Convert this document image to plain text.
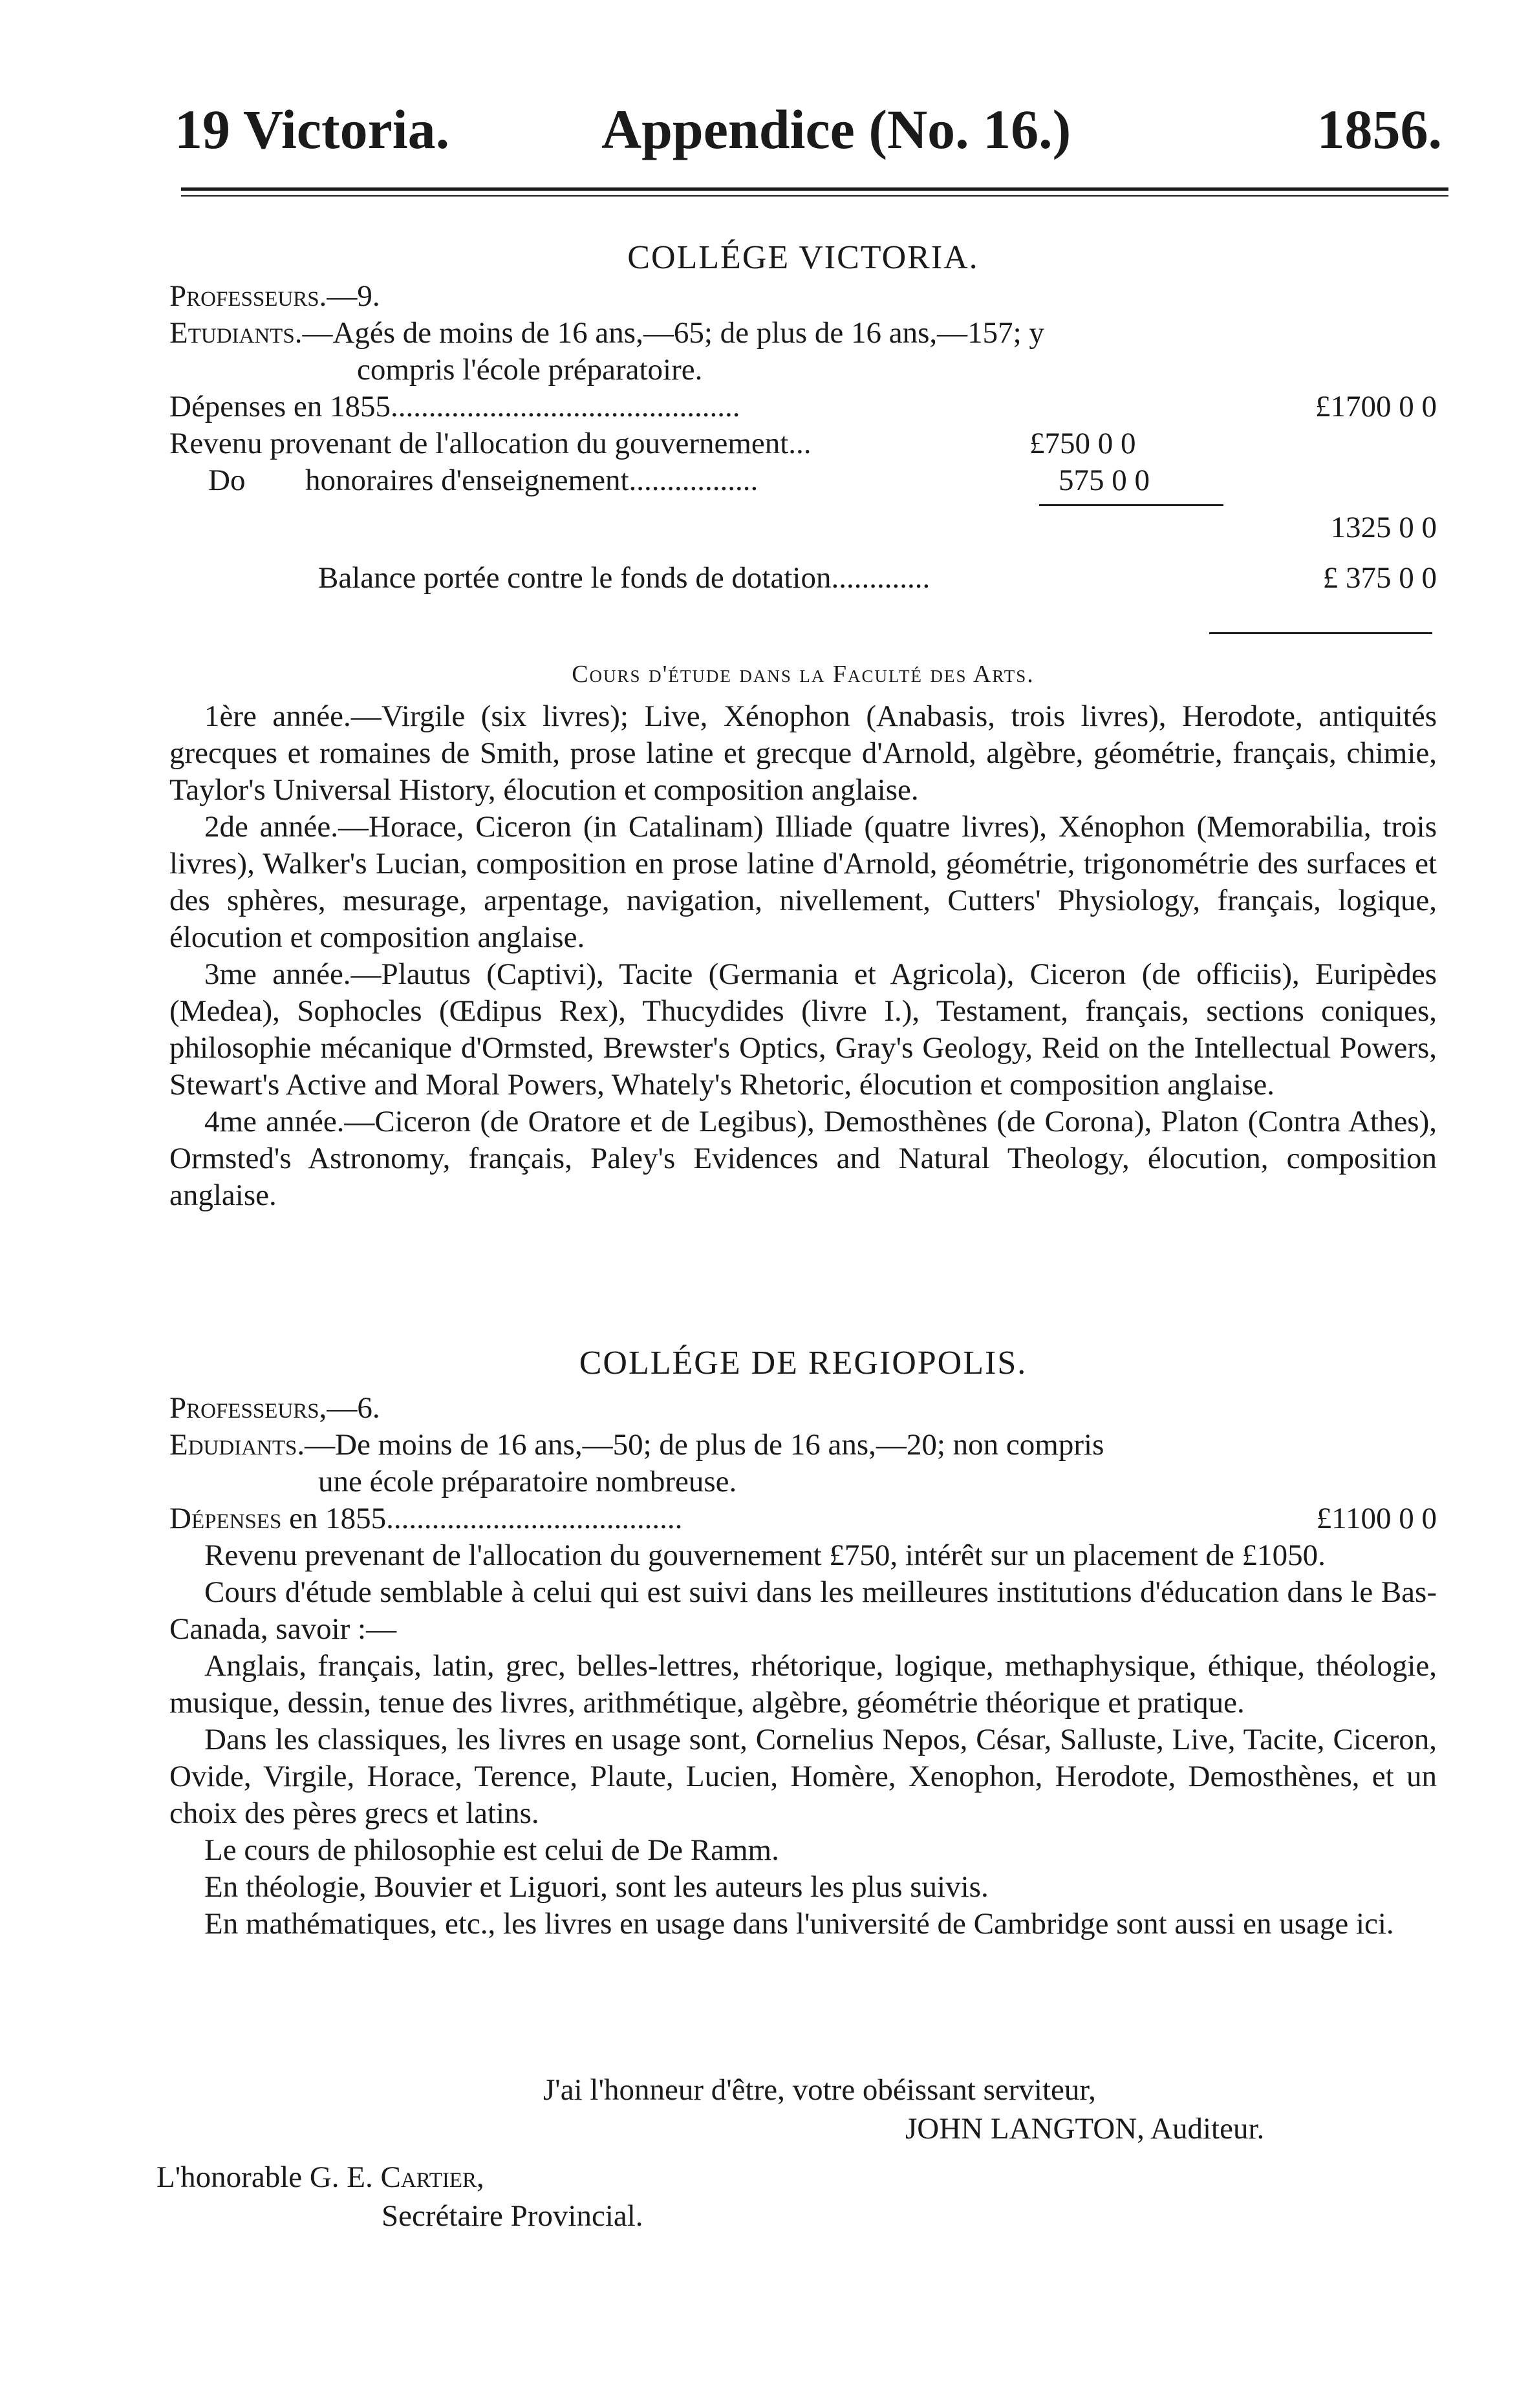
19 Victoria.	Appendice (No. 16.)	1856.
COLLÉGE VICTORIA.
Professeurs.—9.
Etudiants.—Agés de moins de 16 ans,—65; de plus de 16 ans,—157; y
compris l'école préparatoire.
Dépenses en 1855..............................................	£1700 0 0
Revenu provenant de l'allocation du gouvernement...	£750 0 0
Do honoraires d'enseignement.................	575 0 0
1325 0 0
Balance portée contre le fonds de dotation.............	£ 375 0 0
Cours d'étude dans la Faculté des Arts.

1ère année.—Virgile (six livres); Live, Xénophon (Anabasis, trois livres), Herodote, antiquités grecques et romaines de Smith, prose latine et grecque d'Arnold, algèbre, géométrie, français, chimie, Taylor's Universal History, élocution et composition anglaise.

2de année.—Horace, Ciceron (in Catalinam) Illiade (quatre livres), Xénophon (Memorabilia, trois livres), Walker's Lucian, composition en prose latine d'Arnold, géométrie, trigonométrie des surfaces et des sphères, mesurage, arpentage, navigation, nivellement, Cutters' Physiology, français, logique, élocution et composition anglaise.

3me année.—Plautus (Captivi), Tacite (Germania et Agricola), Ciceron (de officiis), Euripèdes (Medea), Sophocles (Œdipus Rex), Thucydides (livre I.), Testament, français, sections coniques, philosophie mécanique d'Ormsted, Brewster's Optics, Gray's Geology, Reid on the Intellectual Powers, Stewart's Active and Moral Powers, Whately's Rhetoric, élocution et composition anglaise.

4me année.—Ciceron (de Oratore et de Legibus), Demosthènes (de Corona), Platon (Contra Athes), Ormsted's Astronomy, français, Paley's Evidences and Natural Theology, élocution, composition anglaise.

COLLÉGE DE REGIOPOLIS.
Professeurs,—6.
Edudiants.—De moins de 16 ans,—50; de plus de 16 ans,—20; non compris
une école préparatoire nombreuse.
Dépenses en 1855.......................................	£1100 0 0

Revenu prevenant de l'allocation du gouvernement £750, intérêt sur un placement de £1050.

Cours d'étude semblable à celui qui est suivi dans les meilleures institutions d'éducation dans le Bas-Canada, savoir :—

Anglais, français, latin, grec, belles-lettres, rhétorique, logique, methaphysique, éthique, théologie, musique, dessin, tenue des livres, arithmétique, algèbre, géométrie théorique et pratique.

Dans les classiques, les livres en usage sont, Cornelius Nepos, César, Salluste, Live, Tacite, Ciceron, Ovide, Virgile, Horace, Terence, Plaute, Lucien, Homère, Xenophon, Herodote, Demosthènes, et un choix des pères grecs et latins.

Le cours de philosophie est celui de De Ramm.

En théologie, Bouvier et Liguori, sont les auteurs les plus suivis.

En mathématiques, etc., les livres en usage dans l'université de Cambridge sont aussi en usage ici.

J'ai l'honneur d'être, votre obéissant serviteur,
JOHN LANGTON, Auditeur.
L'honorable G. E. Cartier,
Secrétaire Provincial.
